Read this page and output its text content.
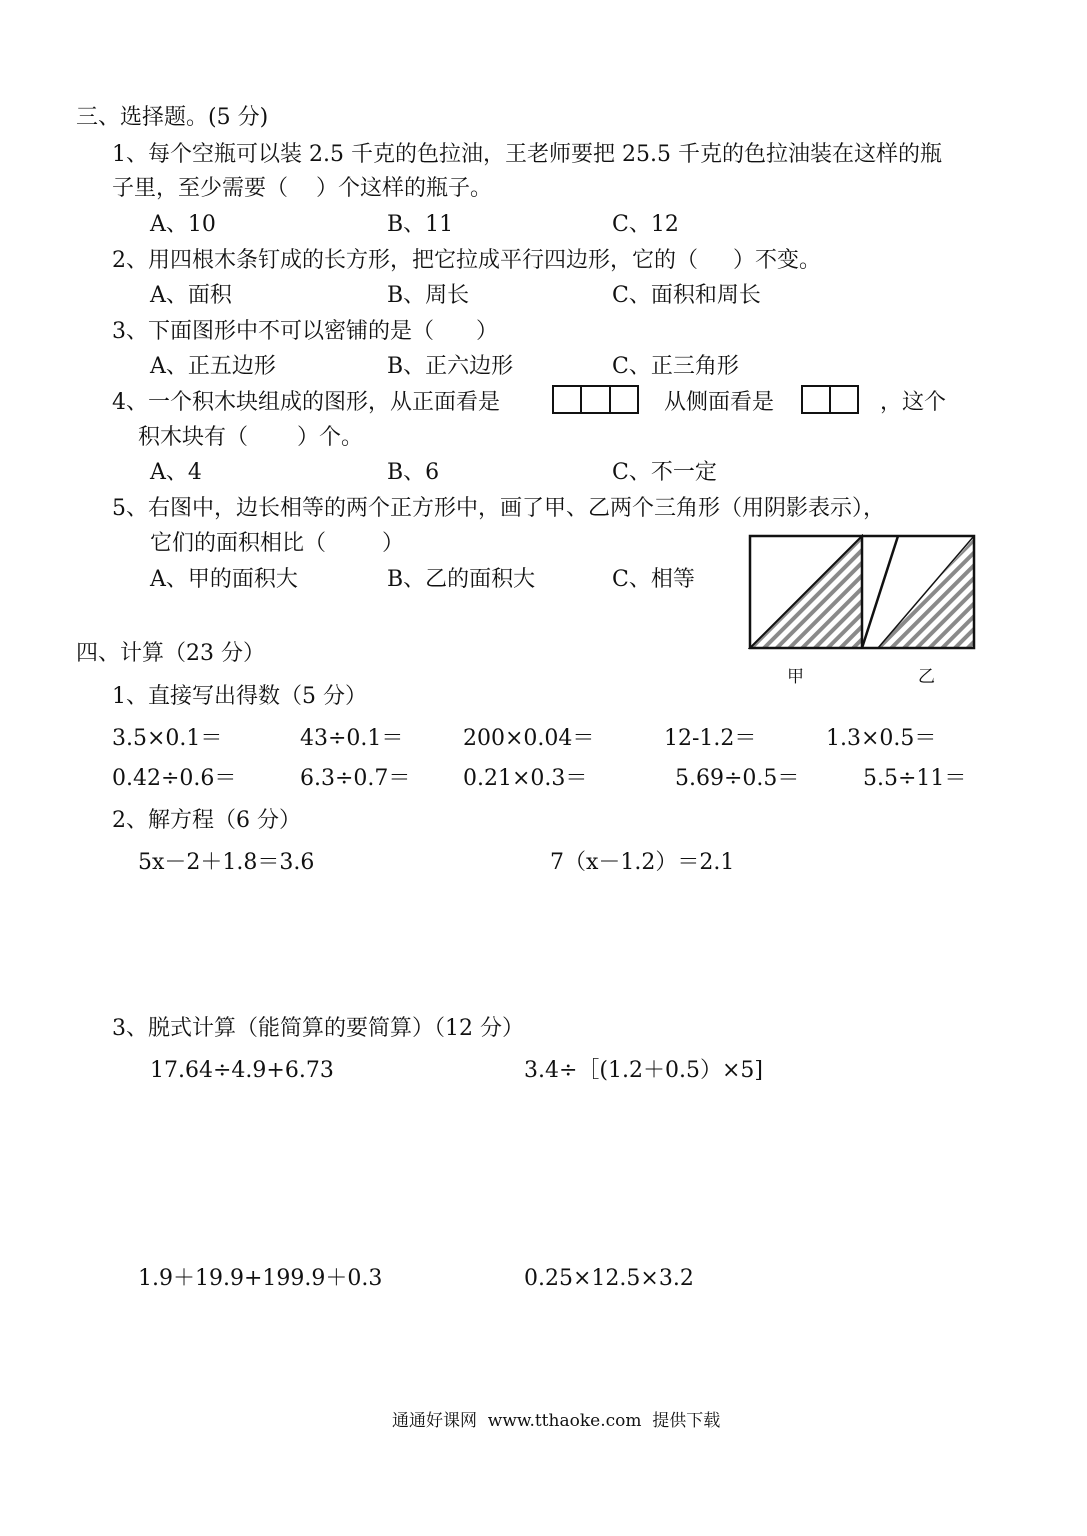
三、选择题。(5 分)
1、每个空瓶可以装 2.5 千克的色拉油，王老师要把 25.5 千克的色拉油装在这样的瓶
子里，至少需要（    ）个这样的瓶子。
A、10	B、11	C、12
2、用四根木条钉成的长方形，把它拉成平行四边形，它的（     ）不变。
A、面积	B、周长	C、面积和周长
3、下面图形中不可以密铺的是（      ）
A、正五边形	B、正六边形	C、正三角形
4、一个积木块组成的图形，从正面看是	从侧面看是	，这个
积木块有（       ）个。
A、4	B、6	C、不一定
5、右图中，边长相等的两个正方形中，画了甲、乙两个三角形（用阴影表示），
它们的面积相比（        ）
A、甲的面积大	B、乙的面积大	C、相等
甲	乙
四、计算（23 分）
1、直接写出得数（5 分）
3.5×0.1＝	43÷0.1＝	200×0.04＝	12-1.2＝	1.3×0.5＝
0.42÷0.6＝	6.3÷0.7＝ 0.21×0.3＝	5.69÷0.5＝	5.5÷11＝
2、解方程（6 分）
5x－2＋1.8＝3.6	7（x－1.2）＝2.1
3、脱式计算（能简算的要简算）（12 分）
17.64÷4.9+6.73	3.4÷［(1.2＋0.5）×5]
1.9＋19.9+199.9＋0.3	0.25×12.5×3.2
通通好课网  www.tthaoke.com  提供下载
